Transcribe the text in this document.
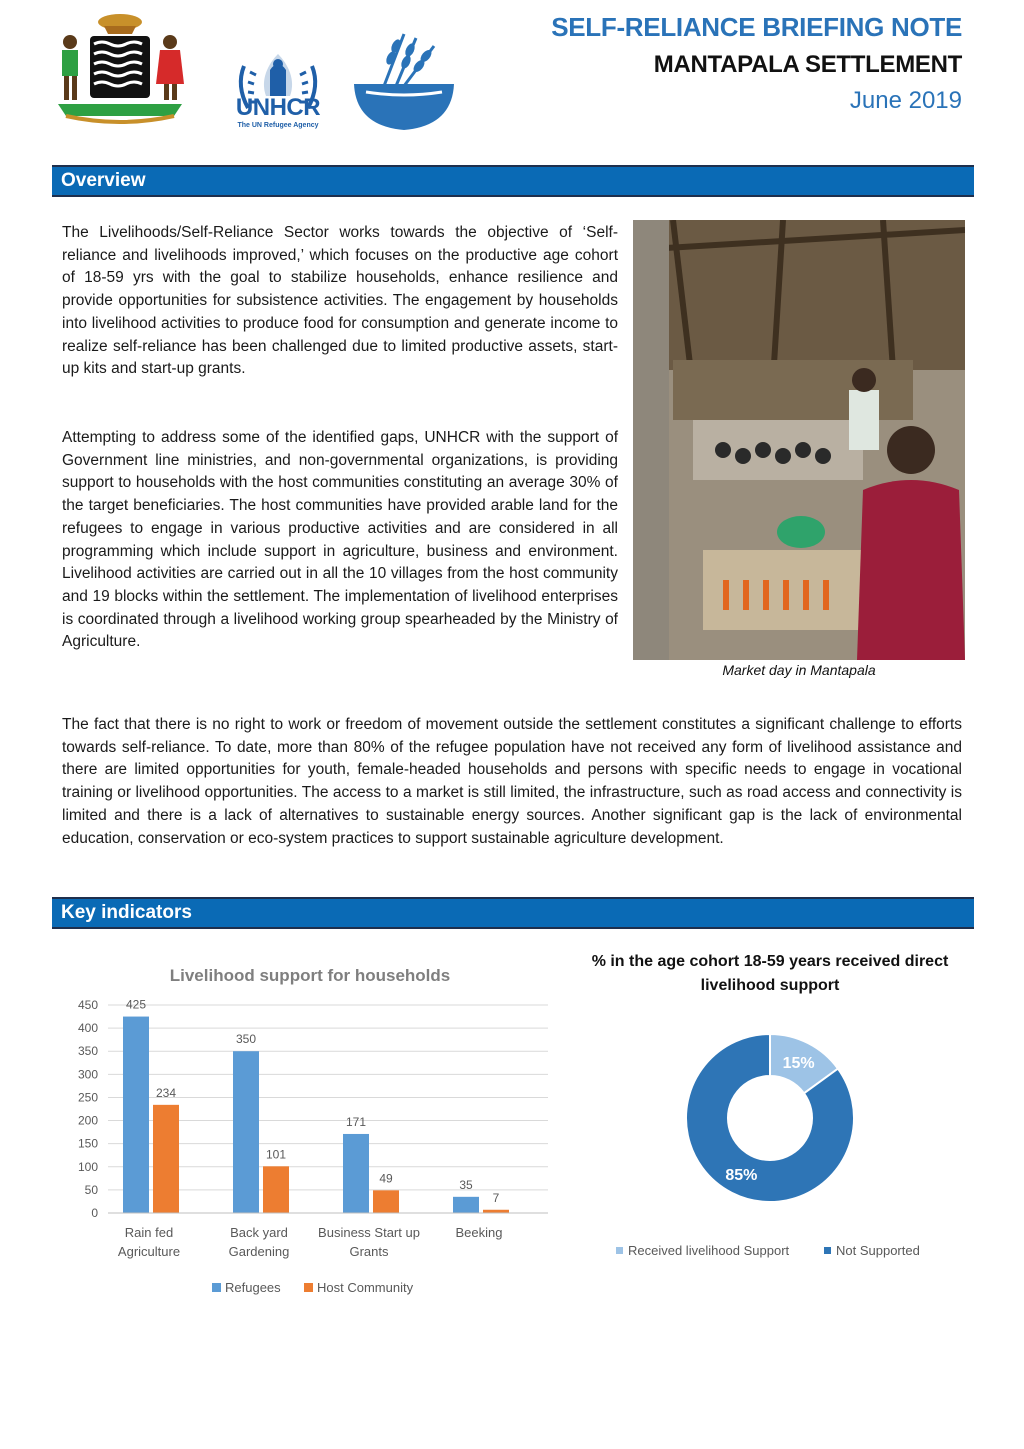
UNHCR
The UN Refugee Agency
SELF-RELIANCE BRIEFING NOTE
MANTAPALA SETTLEMENT
June 2019
Overview

The Livelihoods/Self-Reliance Sector works towards the objective of ‘Self-reliance and livelihoods improved,’ which focuses on the productive age cohort of 18-59 yrs with the goal to stabilize households, enhance resilience and provide opportunities for subsistence activities. The engagement by households into livelihood activities to produce food for consumption and generate income to realize self-reliance has been challenged due to limited productive assets, start-up kits and start-up grants.

Attempting to address some of the identified gaps, UNHCR with the support of Government line ministries, and non-governmental organizations, is providing support to households with the host communities constituting an average 30% of the target beneficiaries. The host communities have provided arable land for the refugees to engage in various productive activities and are considered in all programming which include support in agriculture, business and environment. Livelihood activities are carried out in all the 10 villages from the host community and 19 blocks within the settlement. The implementation of livelihood enterprises is coordinated through a livelihood working group spearheaded by the Ministry of Agriculture.

Market day in Mantapala

The fact that there is no right to work or freedom of movement outside the settlement constitutes a significant challenge to efforts towards self-reliance. To date, more than 80% of the refugee population have not received any form of livelihood assistance and there are limited opportunities for youth, female-headed households and persons with specific needs to engage in vocational training or livelihood opportunities. The access to a market is still limited, the infrastructure, such as road access and connectivity is limited and there is a lack of alternatives to sustainable energy sources. Another significant gap is the lack of environmental education, conservation or eco-system practices to support sustainable agriculture development.

Key indicators
Livelihood support for households
0
50
100
150
200
250
300
350
400
450 425
234
Rain fed
Agriculture
350
101
Back yard
Gardening
171
49
Business Start up
Grants
35
7
Beeking
Refugees	Host Community
% in the age cohort 18-59 years received direct livelihood support
15%
85%
Received livelihood Support	Not Supported
